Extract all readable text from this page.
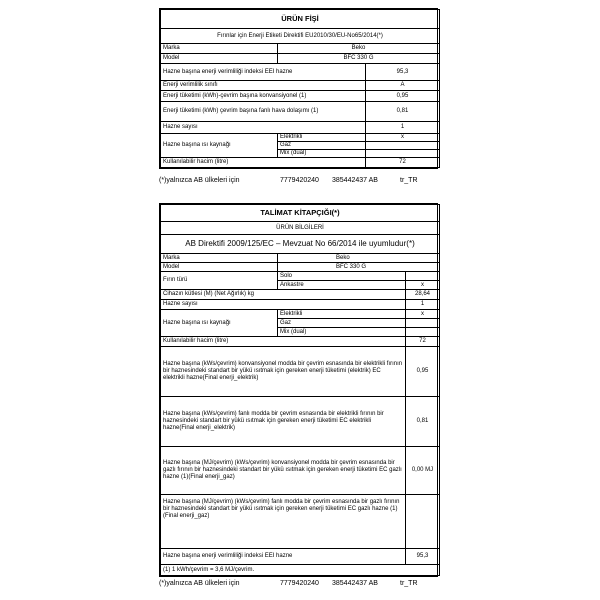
ÜRÜN FİŞİ		
Fırınlar için Enerji Etiketi Direktifi EU2010/30/EU-No65/2014(*)		
Marka	Beko	
Model	BFC 330 G	
Hazne başına enerji verimliliği indeksi EEI hazne		95,3
Enerji verimlilik sınıfı		A
Enerji tüketimi (kWh)-çevrim başına konvansiyonel (1)		0,95
Enerji tüketimi (kWh) çevrim başına fanlı hava dolaşımı (1)		0,81
Hazne sayısı		1
Hazne başına ısı kaynağı	Elektrikli	x
	Gaz	
	Mix (dual)	
Kullanılabilir hacim (litre)		72
(*)yalnızca AB ülkeleri için	7779420240	385442437 AB	tr_TR
TALİMAT KİTAPÇIĞI(*)		
ÜRÜN BİLGİLERİ		
AB Direktifi 2009/125/EC – Mevzuat No 66/2014 ile uyumludur(*)		
Marka	Beko	
Model	BFC 330 G	
Fırın türü	Solo	
	Ankastre	x
Cihazın kütlesi (M) (Net Ağırlık) kg		28,64
Hazne sayısı		1
Hazne başına ısı kaynağı	Elektrikli	x
	Gaz	
	Mix (dual)	
Kullanılabilir hacim (litre)		72
Hazne başına (kWs/çevrim) konvansiyonel modda bir çevrim esnasında bir elektrikli fırının bir haznesindeki standart bir yükü ısıtmak için gereken enerji tüketimi (elektrik) EC elektrikli hazne(Final enerji_elektrik)		0,95
Hazne başına (kWs/çevrim) fanlı modda bir çevrim esnasında bir elektrikli fırının bir haznesindeki standart bir yükü ısıtmak için gereken enerji tüketimi EC elektrikli hazne(Final enerji_elektrik)		0,81
Hazne başına (MJ/çevrim) (kWs/çevrim) konvansiyonel modda bir çevrim esnasında bir gazlı fırının bir haznesindeki standart bir yükü ısıtmak için gereken enerji tüketimi EC gazlı hazne (1)(Final enerji_gaz)		0,00 MJ
Hazne başına (MJ/çevrim) (kWs/çevrim) fanlı modda bir çevrim esnasında bir gazlı fırının bir haznesindeki standart bir yükü ısıtmak için gereken enerji tüketimi EC gazlı hazne (1)(Final enerji_gaz)		
Hazne başına enerji verimliliği indeksi EEI hazne		95,3
(1) 1 kWh/çevrim = 3,6 MJ/çevrim.		
(*)yalnızca AB ülkeleri için	7779420240	385442437 AB	tr_TR
